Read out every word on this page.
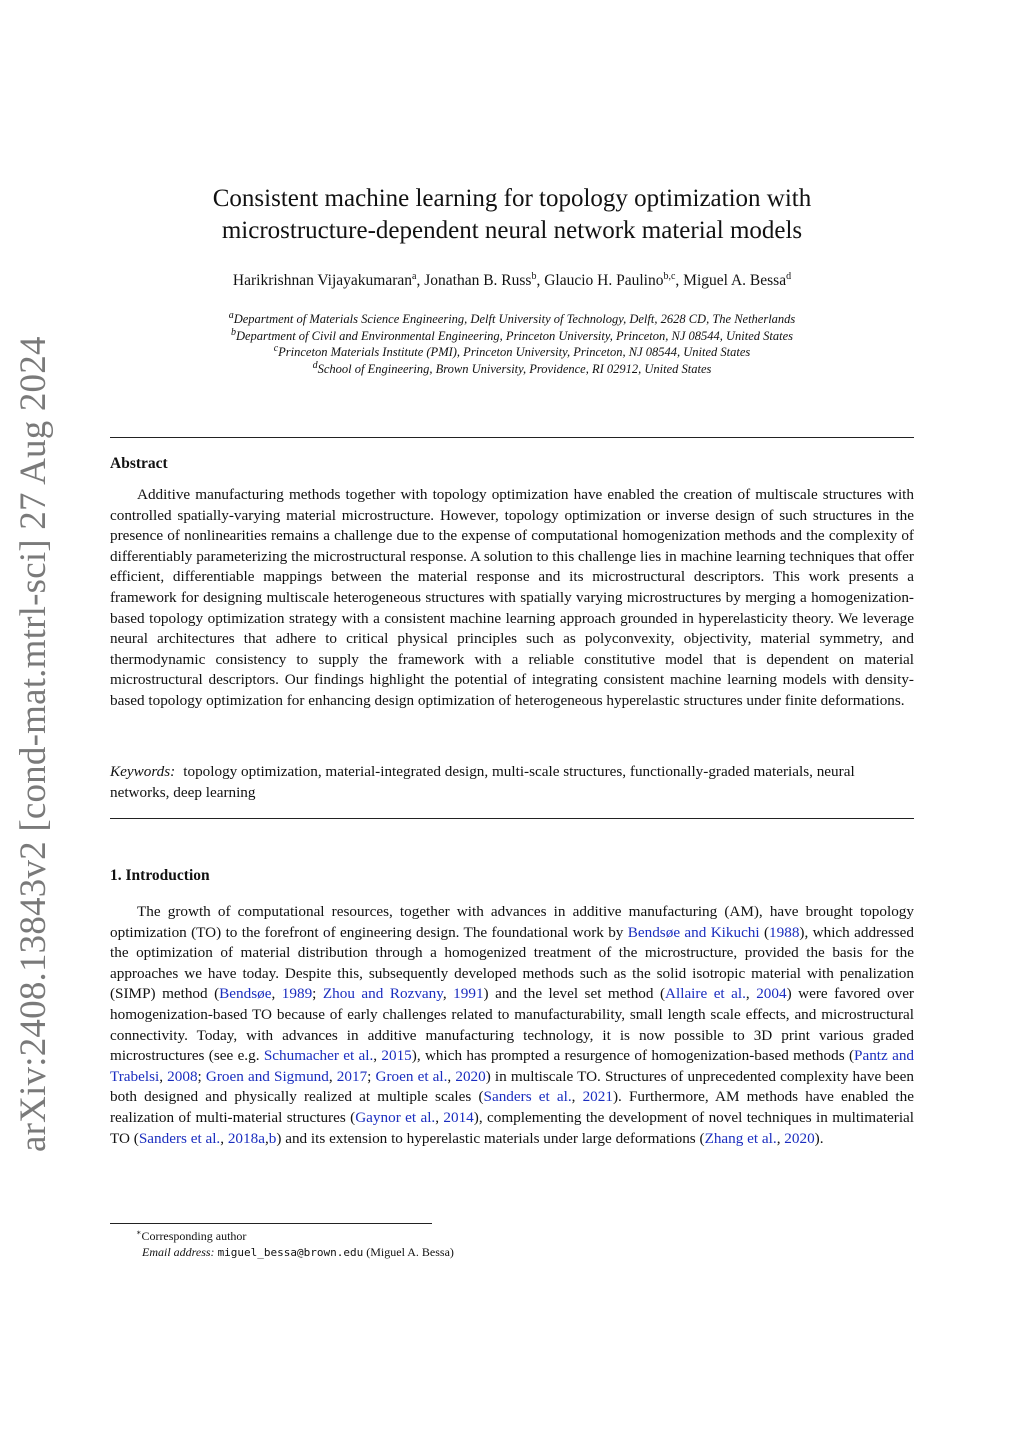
arXiv:2408.13843v2 [cond-mat.mtrl-sci] 27 Aug 2024
Consistent machine learning for topology optimization with
microstructure-dependent neural network material models
Harikrishnan Vijayakumaran$^a$, Jonathan B. Russ$^b$, Glaucio H. Paulino$^{b,c}$, Miguel A. Bessa$^d$
$^a$Department of Materials Science Engineering, Delft University of Technology, Delft, 2628 CD, The Netherlands
$^b$Department of Civil and Environmental Engineering, Princeton University, Princeton, NJ 08544, United States
$^c$Princeton Materials Institute (PMI), Princeton University, Princeton, NJ 08544, United States
$^d$School of Engineering, Brown University, Providence, RI 02912, United States
Abstract
Additive manufacturing methods together with topology optimization have enabled the creation of multiscale structures with controlled spatially-varying material microstructure. However, topology optimization or inverse design of such structures in the presence of nonlinearities remains a challenge due to the expense of computational homogenization methods and the complexity of differentiably parameterizing the microstructural response. A solution to this challenge lies in machine learning techniques that offer efficient, differentiable mappings between the material response and its microstructural descriptors. This work presents a framework for designing multiscale heterogeneous structures with spatially varying microstructures by merging a homogenization-based topology optimization strategy with a consistent machine learning approach grounded in hyperelasticity theory. We leverage neural architectures that adhere to critical physical principles such as polyconvexity, objectivity, material symmetry, and thermodynamic consistency to supply the framework with a reliable constitutive model that is dependent on material microstructural descriptors. Our findings highlight the potential of integrating consistent machine learning models with density-based topology optimization for enhancing design optimization of heterogeneous hyperelastic structures under finite deformations.
Keywords: topology optimization, material-integrated design, multi-scale structures, functionally-graded materials, neural networks, deep learning
1. Introduction
The growth of computational resources, together with advances in additive manufacturing (AM), have brought topology optimization (TO) to the forefront of engineering design. The foundational work by Bendsøe and Kikuchi (1988), which addressed the optimization of material distribution through a homogenized treatment of the microstructure, provided the basis for the approaches we have today. Despite this, subsequently developed methods such as the solid isotropic material with penalization (SIMP) method (Bendsøe, 1989; Zhou and Rozvany, 1991) and the level set method (Allaire et al., 2004) were favored over homogenization-based TO because of early challenges related to manufacturability, small length scale effects, and microstructural connectivity. Today, with advances in additive manufacturing technology, it is now possible to 3D print various graded microstructures (see e.g. Schumacher et al., 2015), which has prompted a resurgence of homogenization-based methods (Pantz and Trabelsi, 2008; Groen and Sigmund, 2017; Groen et al., 2020) in multiscale TO. Structures of unprecedented complexity have been both designed and physically realized at multiple scales (Sanders et al., 2021). Furthermore, AM methods have enabled the realization of multi-material structures (Gaynor et al., 2014), complementing the development of novel techniques in multimaterial TO (Sanders et al., 2018a,b) and its extension to hyperelastic materials under large deformations (Zhang et al., 2020).
∗Corresponding author
Email address: miguel_bessa@brown.edu (Miguel A. Bessa)
